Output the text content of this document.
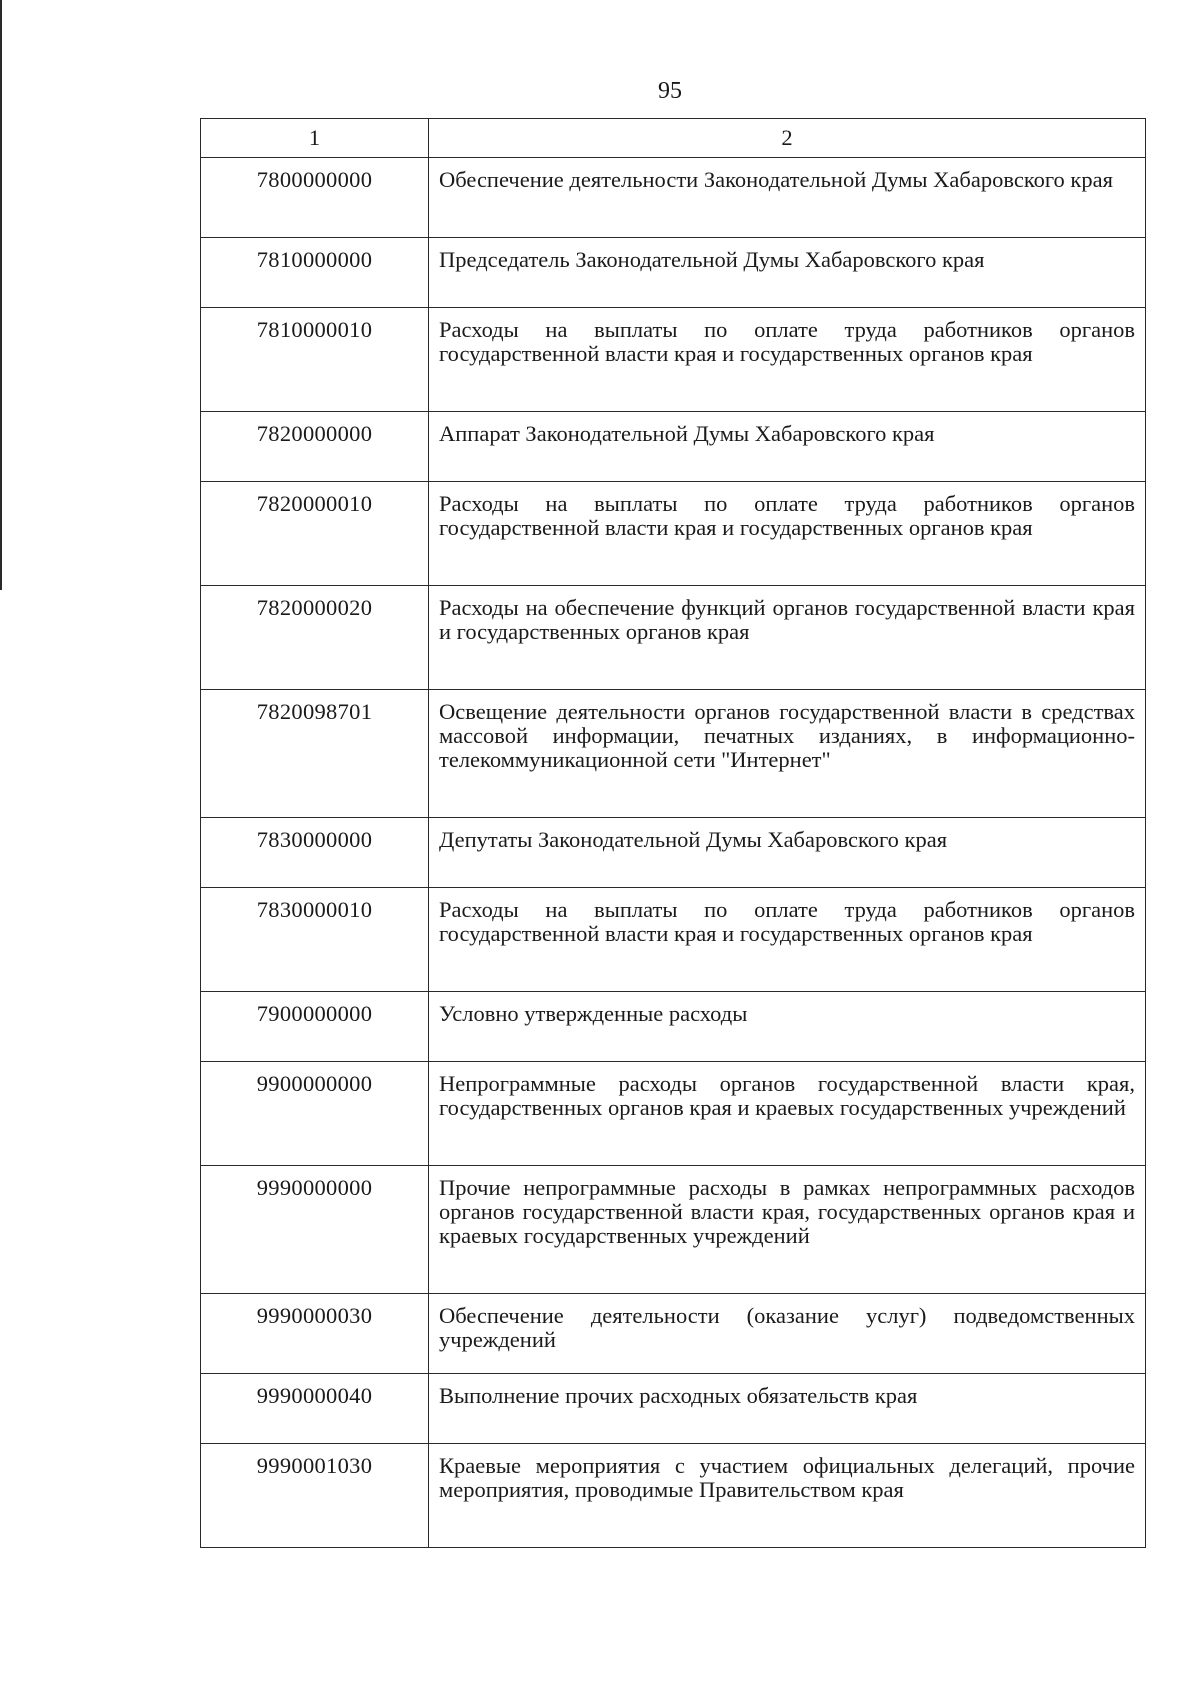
95
1	2
7800000000	Обеспечение деятельности Законодательной Думы Хабаровского края
7810000000	Председатель Законодательной Думы Хабаровского края
7810000010	Расходы на выплаты по оплате труда работников органов государственной власти края и государственных органов края
7820000000	Аппарат Законодательной Думы Хабаровского края
7820000010	Расходы на выплаты по оплате труда работников органов государственной власти края и государственных органов края
7820000020	Расходы на обеспечение функций органов государственной власти края и государственных органов края
7820098701	Освещение деятельности органов государственной власти в средствах массовой информации, печатных изданиях, в информационно-телекоммуникационной сети "Интернет"
7830000000	Депутаты Законодательной Думы Хабаровского края
7830000010	Расходы на выплаты по оплате труда работников органов государственной власти края и государственных органов края
7900000000	Условно утвержденные расходы
9900000000	Непрограммные расходы органов государственной власти края, государственных органов края и краевых государственных учреждений
9990000000	Прочие непрограммные расходы в рамках непрограммных расходов органов государственной власти края, государственных органов края и краевых государственных учреждений
9990000030	Обеспечение деятельности (оказание услуг) подведомственных учреждений
9990000040	Выполнение прочих расходных обязательств края
9990001030	Краевые мероприятия с участием официальных делегаций, прочие мероприятия, проводимые Правительством края
